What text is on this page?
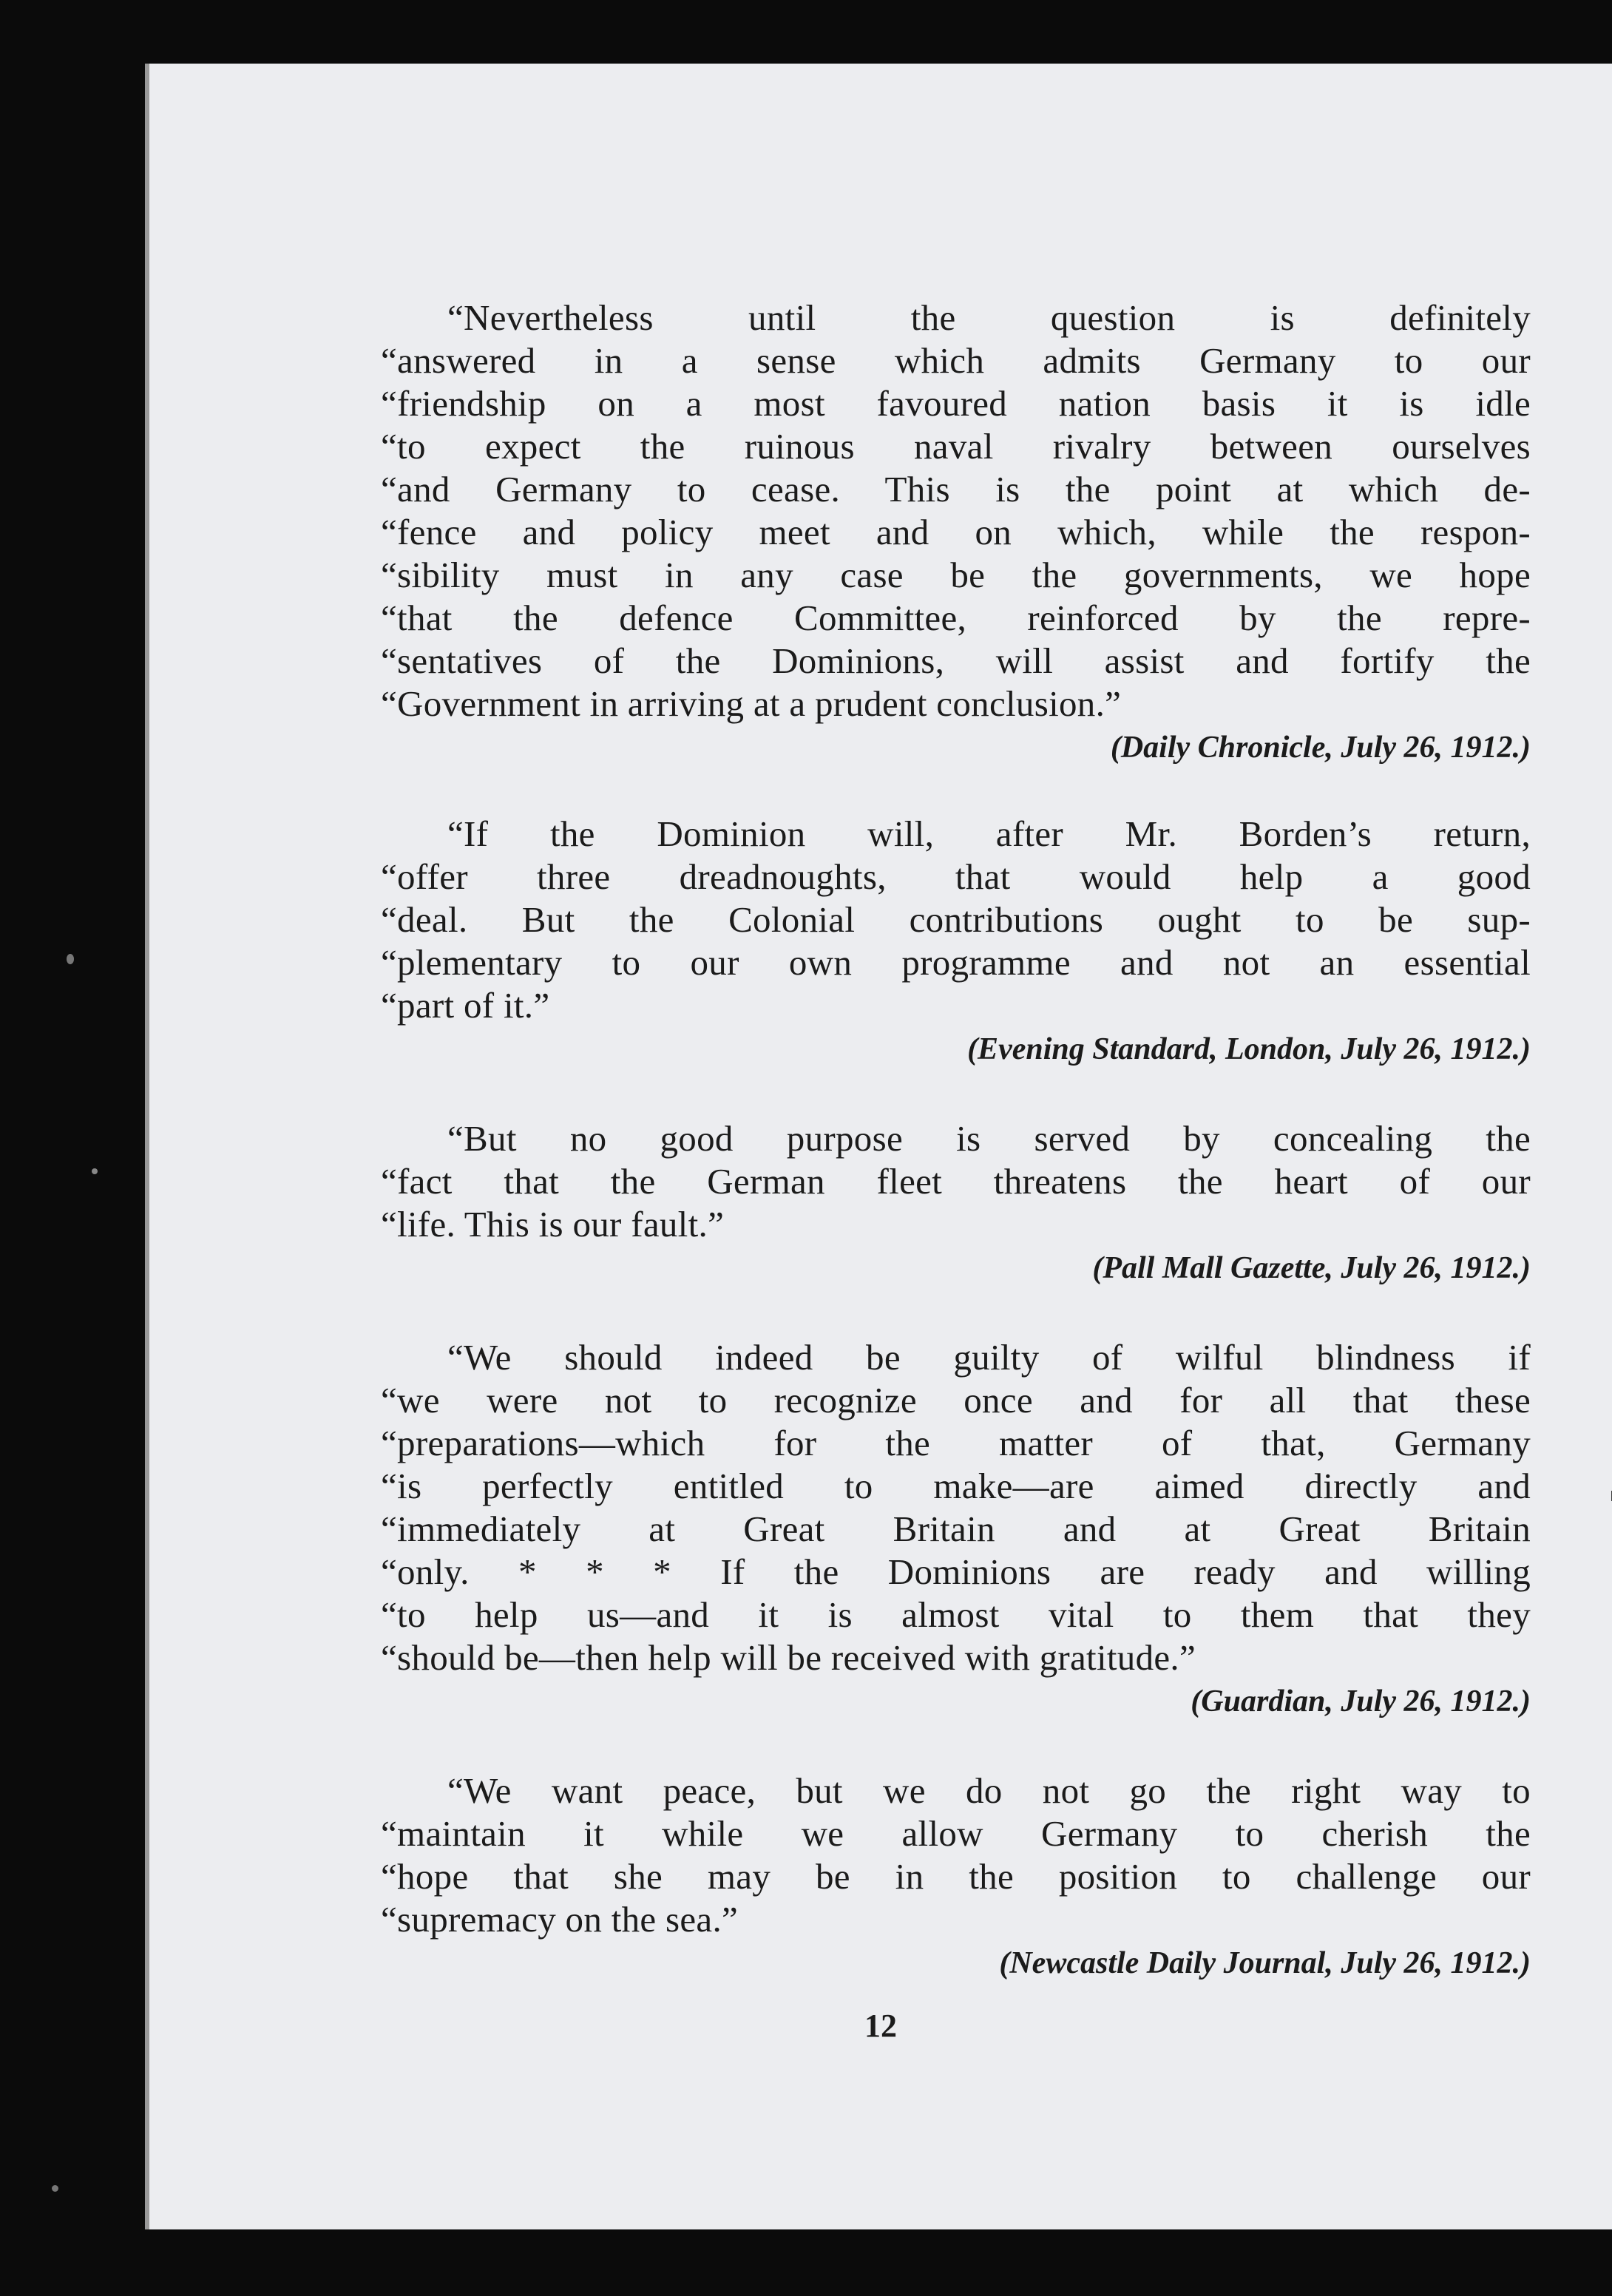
“Nevertheless until the question is definitely
“answered in a sense which admits Germany to our
“friendship on a most favoured nation basis it is idle
“to expect the ruinous naval rivalry between ourselves
“and Germany to cease. This is the point at which de-
“fence and policy meet and on which, while the respon-
“sibility must in any case be the governments, we hope
“that the defence Committee, reinforced by the repre-
“sentatives of the Dominions, will assist and fortify the
“Government in arriving at a prudent conclusion.”
(Daily Chronicle, July 26, 1912.)
“If the Dominion will, after Mr. Borden’s return,
“offer three dreadnoughts, that would help a good
“deal. But the Colonial contributions ought to be sup-
“plementary to our own programme and not an essential
“part of it.”
(Evening Standard, London, July 26, 1912.)
“But no good purpose is served by concealing the
“fact that the German fleet threatens the heart of our
“life. This is our fault.”
(Pall Mall Gazette, July 26, 1912.)
“We should indeed be guilty of wilful blindness if
“we were not to recognize once and for all that these
“preparations—which for the matter of that, Germany
“is perfectly entitled to make—are aimed directly and
“immediately at Great Britain and at Great Britain
“only. * * * If the Dominions are ready and willing
“to help us—and it is almost vital to them that they
“should be—then help will be received with gratitude.”
(Guardian, July 26, 1912.)
“We want peace, but we do not go the right way to
“maintain it while we allow Germany to cherish the
“hope that she may be in the position to challenge our
“supremacy on the sea.”
(Newcastle Daily Journal, July 26, 1912.)
12
